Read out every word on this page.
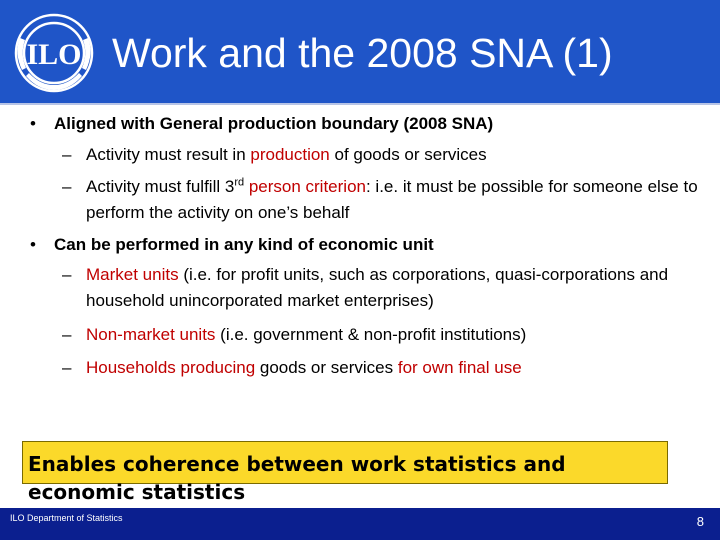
ILO Work and the 2008 SNA (1)
• Aligned with General production boundary (2008 SNA)
– Activity must result in production of goods or services
– Activity must fulfill 3rd person criterion: i.e. it must be possible for someone else to perform the activity on one’s behalf
• Can be performed in any kind of economic unit
– Market units (i.e. for profit units, such as corporations, quasi-corporations and household unincorporated market enterprises)
– Non-market units (i.e. government & non-profit institutions)
– Households producing goods or services for own final use
Enables coherence between work statistics and economic statistics
ILO Department of Statistics	8
